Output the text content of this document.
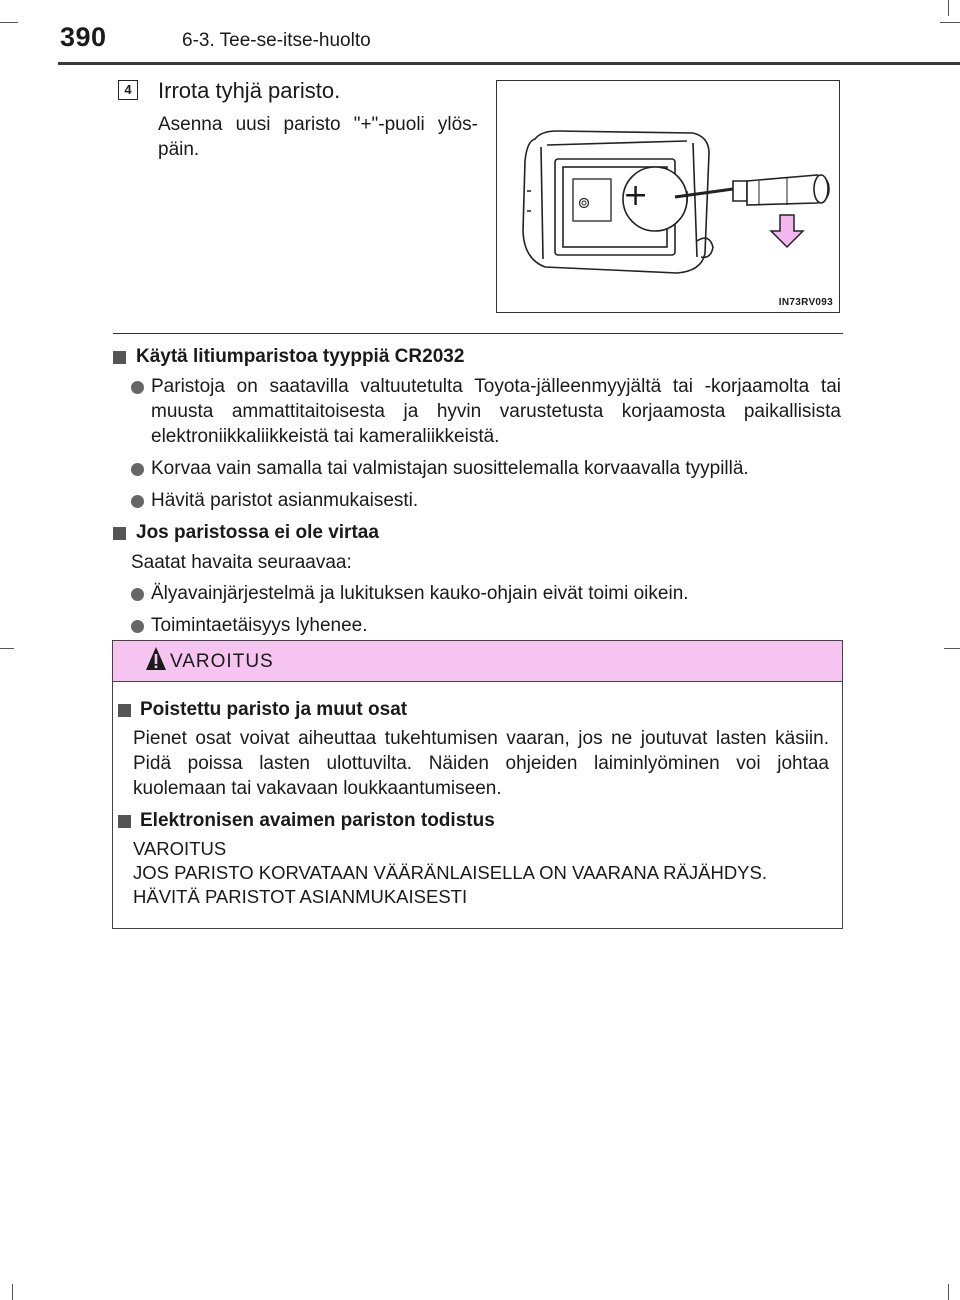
390	6-3. Tee-se-itse-huolto
4 Irrota tyhjä paristo.
Asenna uusi paristo "+"-puoli ylös-päin.
+
IN73RV093
Käytä litiumparistoa tyyppiä CR2032
Paristoja on saatavilla valtuutetulta Toyota-jälleenmyyjältä tai -korjaamolta tai muusta ammattitaitoisesta ja hyvin varustetusta korjaamosta paikallisista elektroniikkaliikkeistä tai kameraliikkeistä.
Korvaa vain samalla tai valmistajan suosittelemalla korvaavalla tyypillä.
Hävitä paristot asianmukaisesti.
Jos paristossa ei ole virtaa
Saatat havaita seuraavaa:
Älyavainjärjestelmä ja lukituksen kauko-ohjain eivät toimi oikein.
Toimintaetäisyys lyhenee.
VAROITUS
Poistettu paristo ja muut osat
Pienet osat voivat aiheuttaa tukehtumisen vaaran, jos ne joutuvat lasten käsiin. Pidä poissa lasten ulottuvilta. Näiden ohjeiden laiminlyöminen voi johtaa kuolemaan tai vakavaan loukkaantumiseen.
Elektronisen avaimen pariston todistus
VAROITUS
JOS PARISTO KORVATAAN VÄÄRÄNLAISELLA ON VAARANA RÄJÄHDYS.
HÄVITÄ PARISTOT ASIANMUKAISESTI
